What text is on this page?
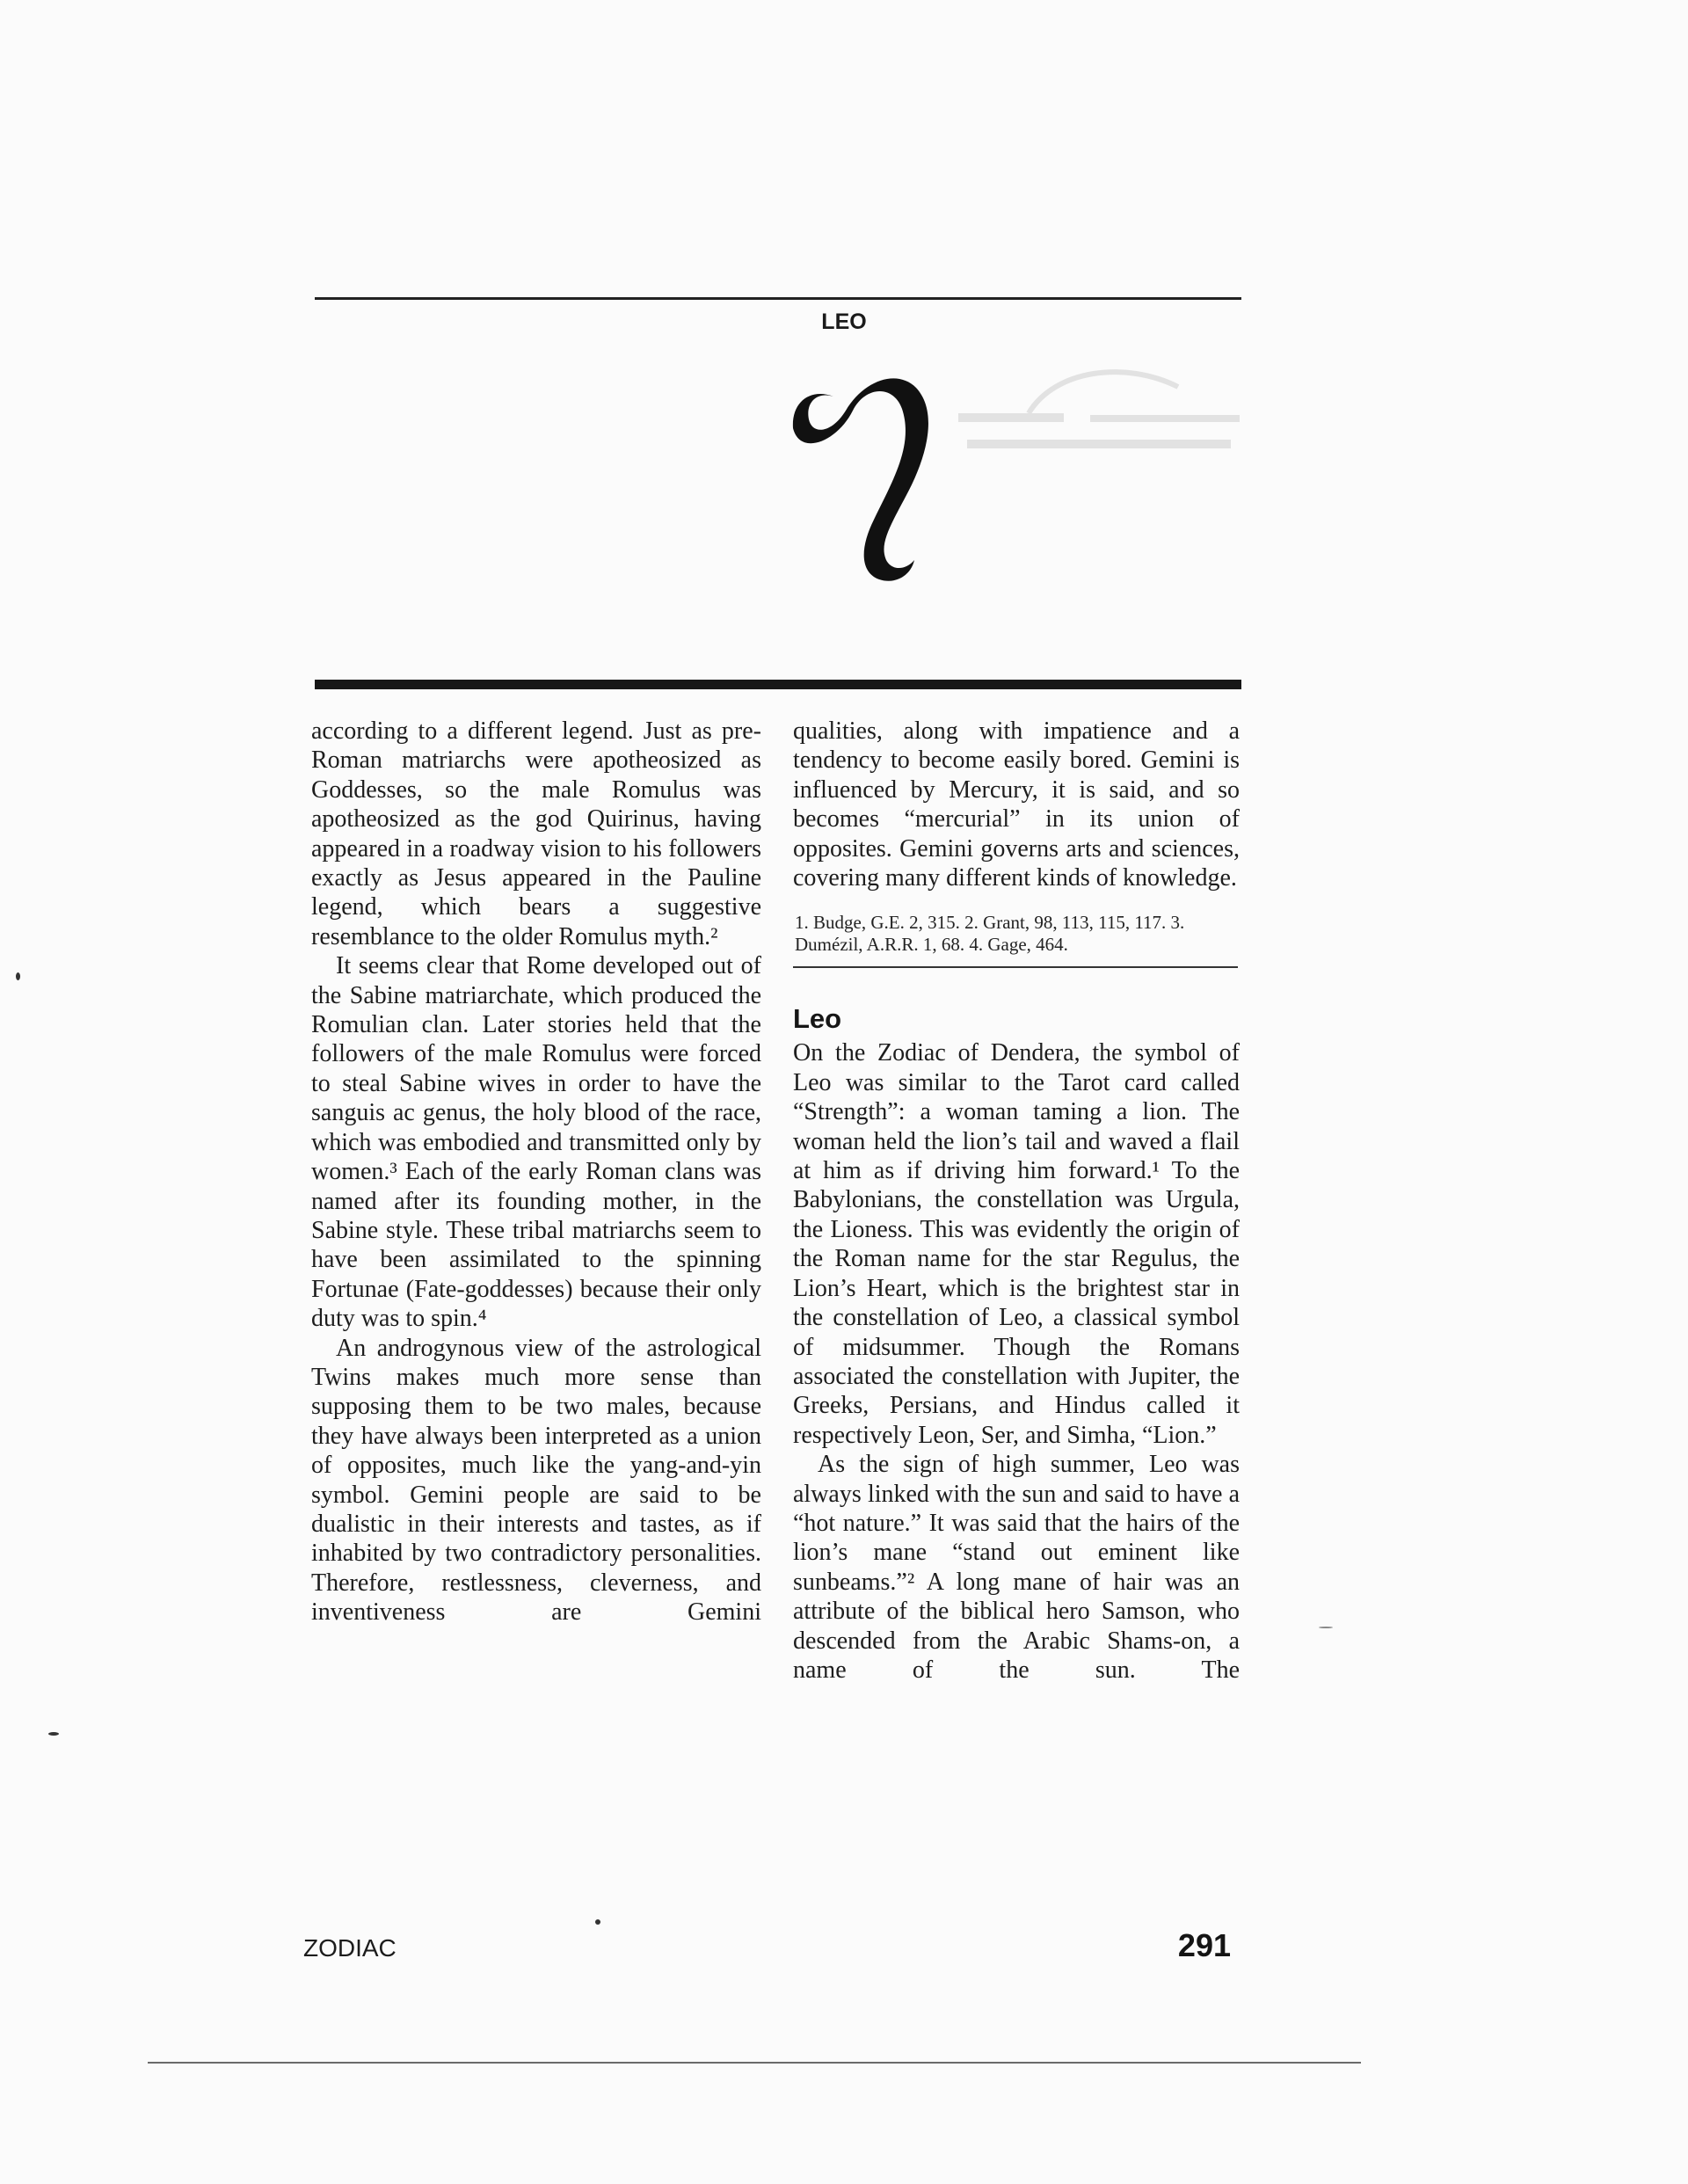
LEO

according to a different legend. Just as pre-Roman matriarchs were apotheosized as Goddesses, so the male Romulus was apotheosized as the god Quirinus, having appeared in a roadway vision to his followers exactly as Jesus appeared in the Pauline legend, which bears a suggestive resemblance to the older Romulus myth.²

It seems clear that Rome developed out of the Sabine matriarchate, which produced the Romulian clan. Later stories held that the followers of the male Romulus were forced to steal Sabine wives in order to have the sanguis ac genus, the holy blood of the race, which was embodied and transmitted only by women.³ Each of the early Roman clans was named after its founding mother, in the Sabine style. These tribal matriarchs seem to have been assimilated to the spinning Fortunae (Fate-goddesses) because their only duty was to spin.⁴

An androgynous view of the astrological Twins makes much more sense than supposing them to be two males, because they have always been interpreted as a union of opposites, much like the yang-and-yin symbol. Gemini people are said to be dualistic in their interests and tastes, as if inhabited by two contradictory personalities. Therefore, restlessness, cleverness, and inventiveness are Gemini

qualities, along with impatience and a tendency to become easily bored. Gemini is influenced by Mercury, it is said, and so becomes “mercurial” in its union of opposites. Gemini governs arts and sciences, covering many different kinds of knowledge.

1. Budge, G.E. 2, 315. 2. Grant, 98, 113, 115, 117. 3. Dumézil, A.R.R. 1, 68. 4. Gage, 464.
Leo

On the Zodiac of Dendera, the symbol of Leo was similar to the Tarot card called “Strength”: a woman taming a lion. The woman held the lion’s tail and waved a flail at him as if driving him forward.¹ To the Babylonians, the constellation was Urgula, the Lioness. This was evidently the origin of the Roman name for the star Regulus, the Lion’s Heart, which is the brightest star in the constellation of Leo, a classical symbol of midsummer. Though the Romans associated the constellation with Jupiter, the Greeks, Persians, and Hindus called it respectively Leon, Ser, and Simha, “Lion.”

As the sign of high summer, Leo was always linked with the sun and said to have a “hot nature.” It was said that the hairs of the lion’s mane “stand out eminent like sunbeams.”² A long mane of hair was an attribute of the biblical hero Samson, who descended from the Arabic Shams-on, a name of the sun. The

ZODIAC	291
